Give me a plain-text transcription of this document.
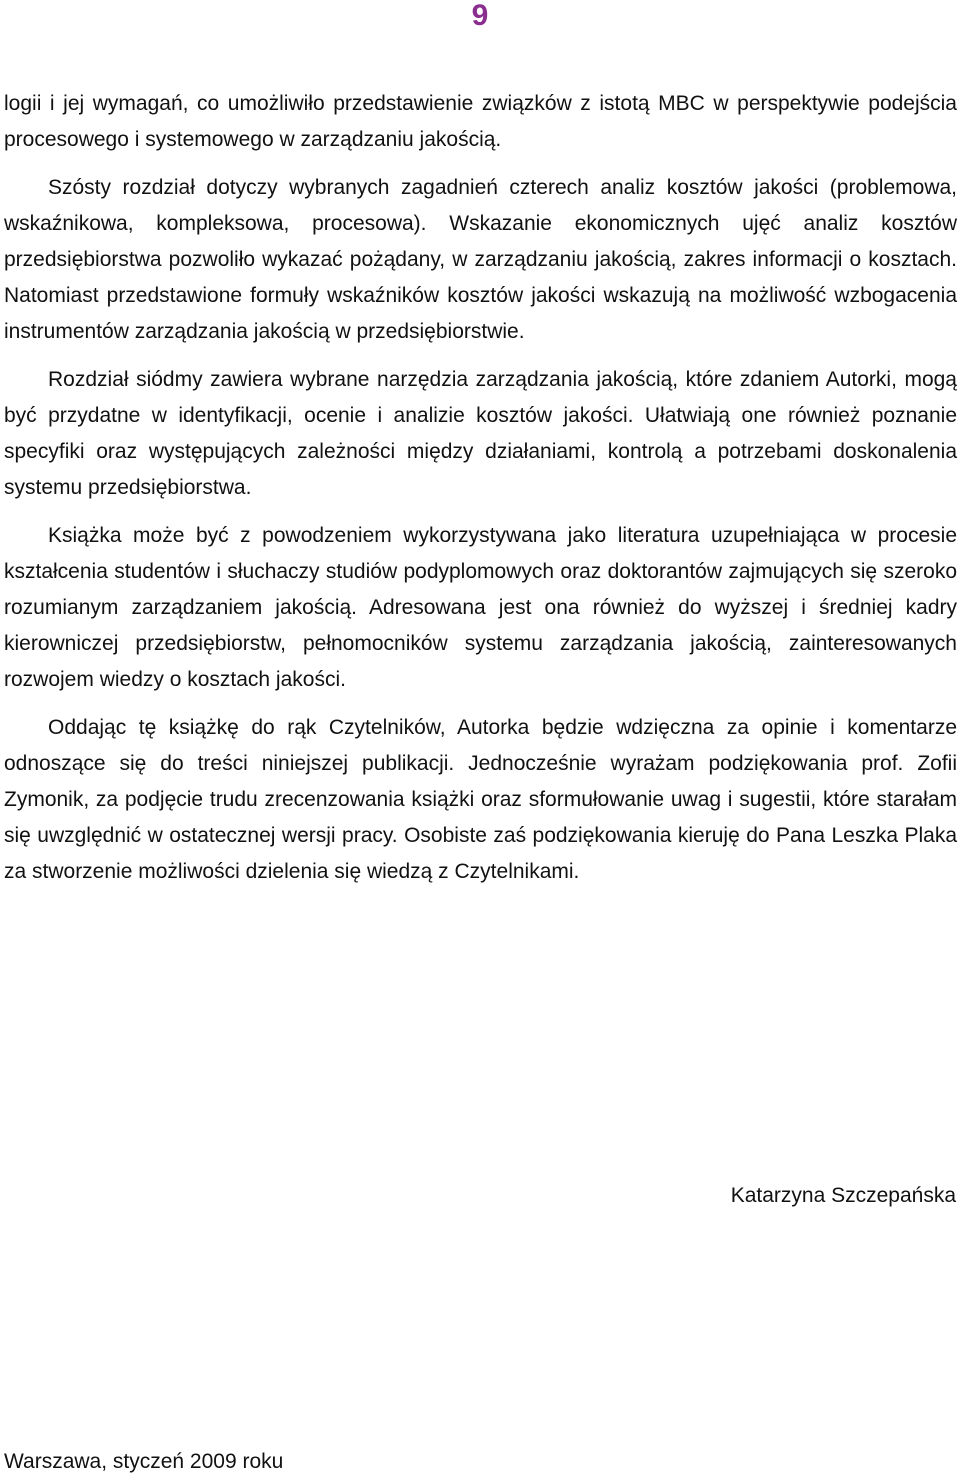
9

logii i jej wymagań, co umożliwiło przedstawienie związków z istotą MBC w perspektywie podejścia procesowego i systemowego w zarządzaniu jakością.

Szósty rozdział dotyczy wybranych zagadnień czterech analiz kosztów jakości (problemowa, wskaźnikowa, kompleksowa, procesowa). Wskazanie ekonomicznych ujęć analiz kosztów przedsiębiorstwa pozwoliło wykazać pożądany, w zarządzaniu jakością, zakres informacji o kosztach. Natomiast przedstawione formuły wskaźników kosztów jakości wskazują na możliwość wzbogacenia instrumentów zarządzania jakością w przedsiębiorstwie.

Rozdział siódmy zawiera wybrane narzędzia zarządzania jakością, które zdaniem Autorki, mogą być przydatne w identyfikacji, ocenie i analizie kosztów jakości. Ułatwiają one również poznanie specyfiki oraz występujących zależności między działaniami, kontrolą a potrzebami doskonalenia systemu przedsiębiorstwa.

Książka może być z powodzeniem wykorzystywana jako literatura uzupełniająca w procesie kształcenia studentów i słuchaczy studiów podyplomowych oraz doktorantów zajmujących się szeroko rozumianym zarządzaniem jakością. Adresowana jest ona również do wyższej i średniej kadry kierowniczej przedsiębiorstw, pełnomocników systemu zarządzania jakością, zainteresowanych rozwojem wiedzy o kosztach jakości.

Oddając tę książkę do rąk Czytelników, Autorka będzie wdzięczna za opinie i komentarze odnoszące się do treści niniejszej publikacji. Jednocześnie wyrażam podziękowania prof. Zofii Zymonik, za podjęcie trudu zrecenzowania książki oraz sformułowanie uwag i sugestii, które starałam się uwzględnić w ostatecznej wersji pracy. Osobiste zaś podziękowania kieruję do Pana Leszka Plaka za stworzenie możliwości dzielenia się wiedzą z Czytelnikami.

Katarzyna Szczepańska
Warszawa, styczeń 2009 roku
